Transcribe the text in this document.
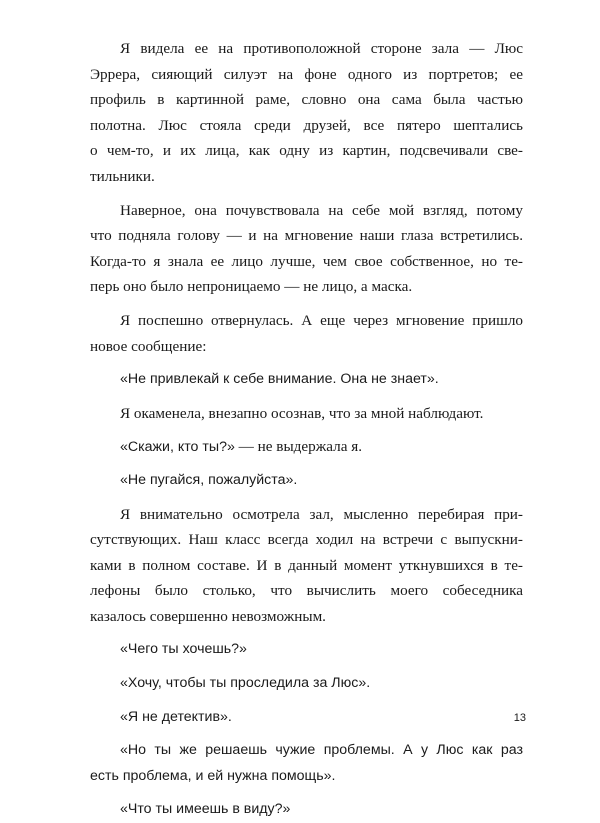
Я видела ее на противоположной стороне зала — Люс
Эррера, сияющий силуэт на фоне одного из портретов; ее
профиль в картинной раме, словно она сама была частью
полотна. Люс стояла среди друзей, все пятеро шептались
о чем-то, и их лица, как одну из картин, подсвечивали све-
тильники.
Наверное, она почувствовала на себе мой взгляд, потому
что подняла голову — и на мгновение наши глаза встретились.
Когда-то я знала ее лицо лучше, чем свое собственное, но те-
перь оно было непроницаемо — не лицо, а маска.
Я поспешно отвернулась. А еще через мгновение пришло
новое сообщение:
«Не привлекай к себе внимание. Она не знает».
Я окаменела, внезапно осознав, что за мной наблюдают.
«Скажи, кто ты?» — не выдержала я.
«Не пугайся, пожалуйста».
Я внимательно осмотрела зал, мысленно перебирая при-
сутствующих. Наш класс всегда ходил на встречи с выпускни-
ками в полном составе. И в данный момент уткнувшихся в те-
лефоны было столько, что вычислить моего собеседника
казалось совершенно невозможным.
«Чего ты хочешь?»
«Хочу, чтобы ты проследила за Люс».
«Я не детектив».
«Но ты же решаешь чужие проблемы. А у Люс как раз
есть проблема, и ей нужна помощь».
«Что ты имеешь в виду?»
13
